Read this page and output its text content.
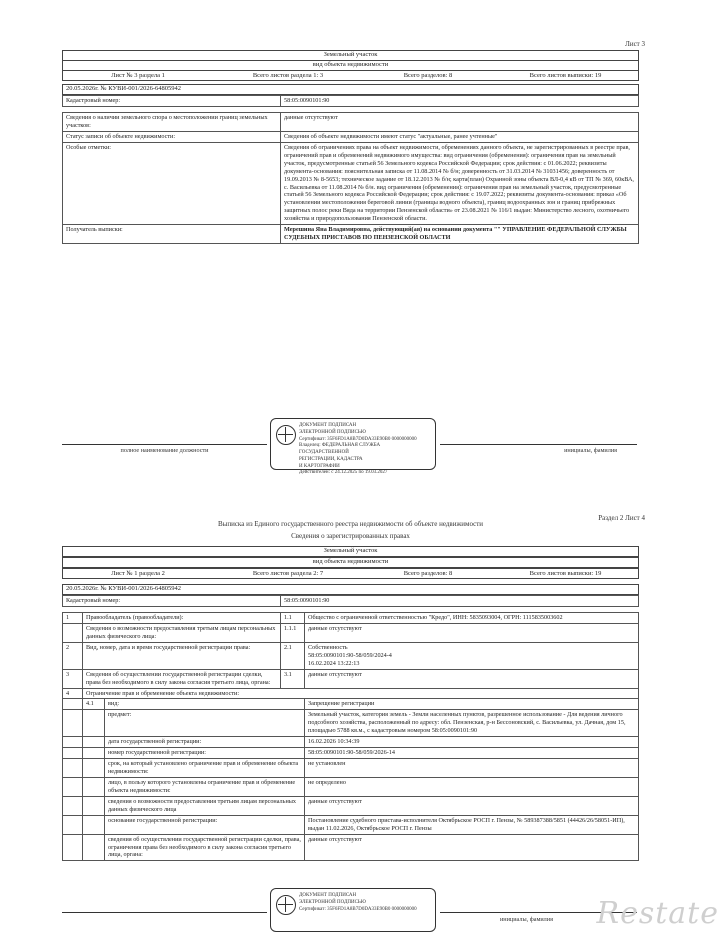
Лист 3
Земельный участок
вид объекта недвижимости
Лист № 3 раздела 1	Всего листов раздела 1: 3	Всего разделов: 8	Всего листов выписки: 19
20.05.2026г. № КУВИ-001/2026-64805942
Кадастровый номер:	58:05:0090101:90
Сведения о наличии земельного спора о местоположении границ земельных участков:	данные отсутствуют
Статус записи об объекте недвижимости:	Сведения об объекте недвижимости имеют статус "актуальные, ранее учтенные"
Особые отметки:	Сведения об ограничениях права на объект недвижимости, обременениях данного объекта, не зарегистрированных в реестре прав, ограничений прав и обременений недвижимого имущества: вид ограничения (обременения): ограничения прав на земельный участок, предусмотренные статьей 56 Земельного кодекса Российской Федерации; срок действия: с 01.06.2022; реквизиты документа-основания: пояснительная записка от 11.08.2014 № б/н; доверенность от 31.03.2014 № 31031456; доверенность от 19.09.2013 № 8-5653; техническое задание от 18.12.2013 № б/н; карта(план) Охранной зоны объекта ВЛ-0,4 кВ от ТП № 369, 60кВА, с. Васильевка от 11.08.2014 № б/н. вид ограничения (обременения): ограничения прав на земельный участок, предусмотренные статьей 56 Земельного кодекса Российской Федерации; срок действия: с 19.07.2022; реквизиты документа-основания: приказ «Об установлении местоположения береговой линии (границы водного объекта), границ водоохранных зон и границ прибрежных защитных полос реки Вяда на территории Пензенской области» от 23.08.2021 № 116/1 выдан: Министерство лесного, охотничьего хозяйства и природопользования Пензенской области.
Получатель выписки:	Мерешина Яна Владимировна, действующий(ая) на основании документа "" УПРАВЛЕНИЕ ФЕДЕРАЛЬНОЙ СЛУЖБЫ СУДЕБНЫХ ПРИСТАВОВ ПО ПЕНЗЕНСКОЙ ОБЛАСТИ
полное наименование должности	инициалы, фамилия
ДОКУМЕНТ ПОДПИСАН
ЭЛЕКТРОННОЙ ПОДПИСЬЮ
Сертификат: 35F6FD1A8B7D0DA33E90B0 0000000000
Владелец: ФЕДЕРАЛЬНАЯ СЛУЖБА ГОСУДАРСТВЕННОЙ
РЕГИСТРАЦИИ, КАДАСТРА
И КАРТОГРАФИИ
Действителен: с 24.12.2025 по 19.03.2027
Раздел 2 Лист 4
Выписка из Единого государственного реестра недвижимости об объекте недвижимости
Сведения о зарегистрированных правах
Земельный участок
вид объекта недвижимости
Лист № 1 раздела 2	Всего листов раздела 2: 7	Всего разделов: 8	Всего листов выписки: 19
20.05.2026г. № КУВИ-001/2026-64805942
Кадастровый номер:	58:05:0090101:90
1	Правообладатель (правообладатели):		1.1	Общество с ограниченной ответственностью "Кредо", ИНН: 5835093004, ОГРН: 1115835003602
	Сведения о возможности предоставления третьим лицам персональных данных физического лица:		1.1.1	данные отсутствуют
2	Вид, номер, дата и время государственной регистрации права:		2.1	Собственность
58:05:0090101:90-58/059/2024-4
16.02.2024 13:22:13
3	Сведения об осуществлении государственной регистрации сделки, права без необходимого в силу закона согласия третьего лица, органа:		3.1	данные отсутствуют
4	Ограничение прав и обременение объекта недвижимости:			
	4.1	вид:		Запрещение регистрации
		предмет:		Земельный участок, категория земель - Земли населенных пунктов, разрешенное использование - Для ведения личного подсобного хозяйства, расположенный по адресу: обл. Пензенская, р-н Бессоновский, с. Васильевка, ул. Дачная, дом 15, площадью 5788 кв.м., с кадастровым номером 58:05:0090101:90
		дата государственной регистрации:		16.02.2026 10:34:39
		номер государственной регистрации:		58:05:0090101:90-58/059/2026-14
		срок, на который установлено ограничение прав и обременение объекта недвижимости:		не установлен
		лицо, в пользу которого установлены ограничение прав и обременение объекта недвижимости:		не определено
		сведения о возможности предоставления третьим лицам персональных данных физического лица		данные отсутствуют
		основание государственной регистрации:		Постановление судебного пристава-исполнителя Октябрьское РОСП г. Пензы, № 589387388/5851 (44426/26/58051-ИП), выдан 11.02.2026, Октябрьское РОСП г. Пензы
		сведения об осуществлении государственной регистрации сделки, права, ограничения права без необходимого в силу закона согласия третьего лица, органа:		данные отсутствуют
инициалы, фамилия
ДОКУМЕНТ ПОДПИСАН
ЭЛЕКТРОННОЙ ПОДПИСЬЮ
Сертификат: 35F6FD1A8B7D0DA33E90B0 0000000000	Restate
